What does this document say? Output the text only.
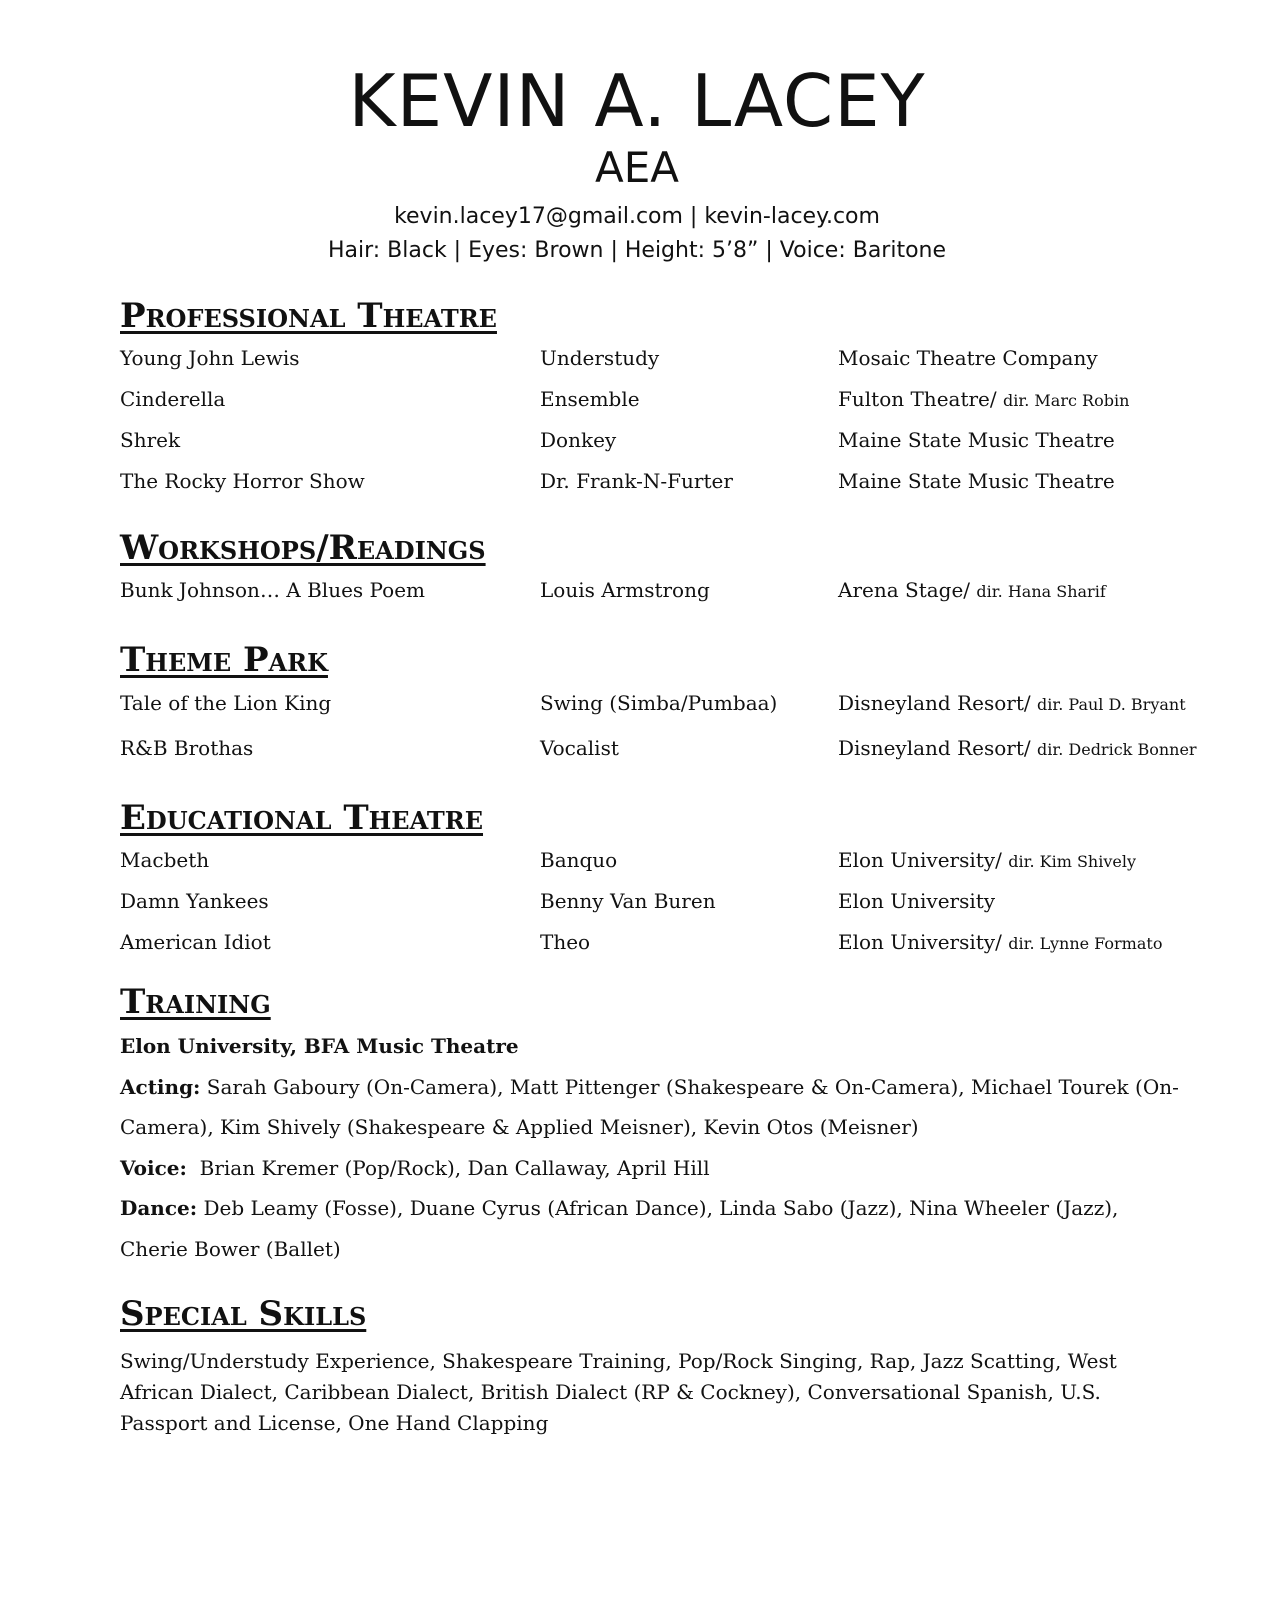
KEVIN A. LACEY
AEA
kevin.lacey17@gmail.com | kevin-lacey.com
Hair: Black | Eyes: Brown | Height: 5’8” | Voice: Baritone
Professional Theatre
Young John Lewis	Understudy	Mosaic Theatre Company
Cinderella	Ensemble	Fulton Theatre/ dir. Marc Robin
Shrek	Donkey	Maine State Music Theatre
The Rocky Horror Show	Dr. Frank-N-Furter	Maine State Music Theatre
Workshops/Readings
Bunk Johnson… A Blues Poem	Louis Armstrong	Arena Stage/ dir. Hana Sharif
Theme Park
Tale of the Lion King	Swing (Simba/Pumbaa)	Disneyland Resort/ dir. Paul D. Bryant
R&B Brothas	Vocalist	Disneyland Resort/ dir. Dedrick Bonner
Educational Theatre
Macbeth	Banquo	Elon University/ dir. Kim Shively
Damn Yankees	Benny Van Buren	Elon University
American Idiot	Theo	Elon University/ dir. Lynne Formato
Training

Elon University, BFA Music Theatre

Acting: Sarah Gaboury (On-Camera), Matt Pittenger (Shakespeare & On-Camera), Michael Tourek (On-Camera), Kim Shively (Shakespeare & Applied Meisner), Kevin Otos (Meisner)

Voice:  Brian Kremer (Pop/Rock), Dan Callaway, April Hill

Dance: Deb Leamy (Fosse), Duane Cyrus (African Dance), Linda Sabo (Jazz), Nina Wheeler (Jazz), Cherie Bower (Ballet)

Special Skills

Swing/Understudy Experience, Shakespeare Training, Pop/Rock Singing, Rap, Jazz Scatting, West African Dialect, Caribbean Dialect, British Dialect (RP & Cockney), Conversational Spanish, U.S. Passport and License, One Hand Clapping
